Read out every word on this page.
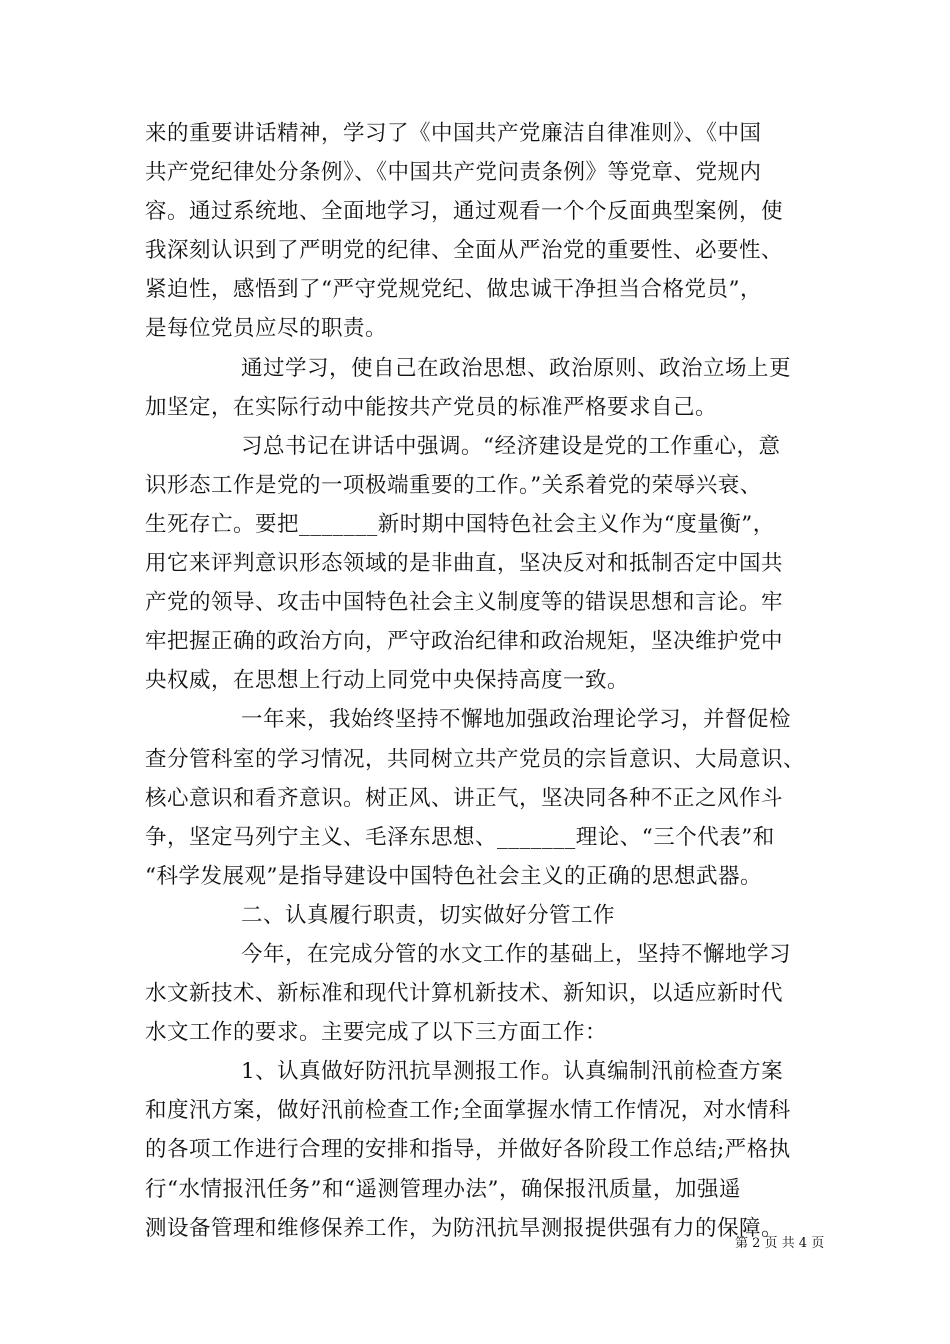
来的重要讲话精神，学习了《中国共产党廉洁自律准则》、《中国
共产党纪律处分条例》、《中国共产党问责条例》等党章、党规内
容。通过系统地、全面地学习，通过观看一个个反面典型案例，使
我深刻认识到了严明党的纪律、全面从严治党的重要性、必要性、
紧迫性，感悟到了“严守党规党纪、做忠诚干净担当合格党员”，
是每位党员应尽的职责。
通过学习，使自己在政治思想、政治原则、政治立场上更
加坚定，在实际行动中能按共产党员的标准严格要求自己。
习总书记在讲话中强调。“经济建设是党的工作重心，意
识形态工作是党的一项极端重要的工作。”关系着党的荣辱兴衰、
生死存亡。要把_______新时期中国特色社会主义作为“度量衡”，
用它来评判意识形态领域的是非曲直，坚决反对和抵制否定中国共
产党的领导、攻击中国特色社会主义制度等的错误思想和言论。牢
牢把握正确的政治方向，严守政治纪律和政治规矩，坚决维护党中
央权威，在思想上行动上同党中央保持高度一致。
一年来，我始终坚持不懈地加强政治理论学习，并督促检
查分管科室的学习情况，共同树立共产党员的宗旨意识、大局意识、
核心意识和看齐意识。树正风、讲正气，坚决同各种不正之风作斗
争，坚定马列宁主义、毛泽东思想、_______理论、“三个代表”和
“科学发展观”是指导建设中国特色社会主义的正确的思想武器。
二、认真履行职责，切实做好分管工作
今年，在完成分管的水文工作的基础上，坚持不懈地学习
水文新技术、新标准和现代计算机新技术、新知识，以适应新时代
水文工作的要求。主要完成了以下三方面工作：
1、认真做好防汛抗旱测报工作。认真编制汛前检查方案
和度汛方案，做好汛前检查工作;全面掌握水情工作情况，对水情科
的各项工作进行合理的安排和指导，并做好各阶段工作总结;严格执
行“水情报汛任务”和“遥测管理办法”，确保报汛质量，加强遥
测设备管理和维修保养工作，为防汛抗旱测报提供强有力的保障。
第 2 页 共 4 页
